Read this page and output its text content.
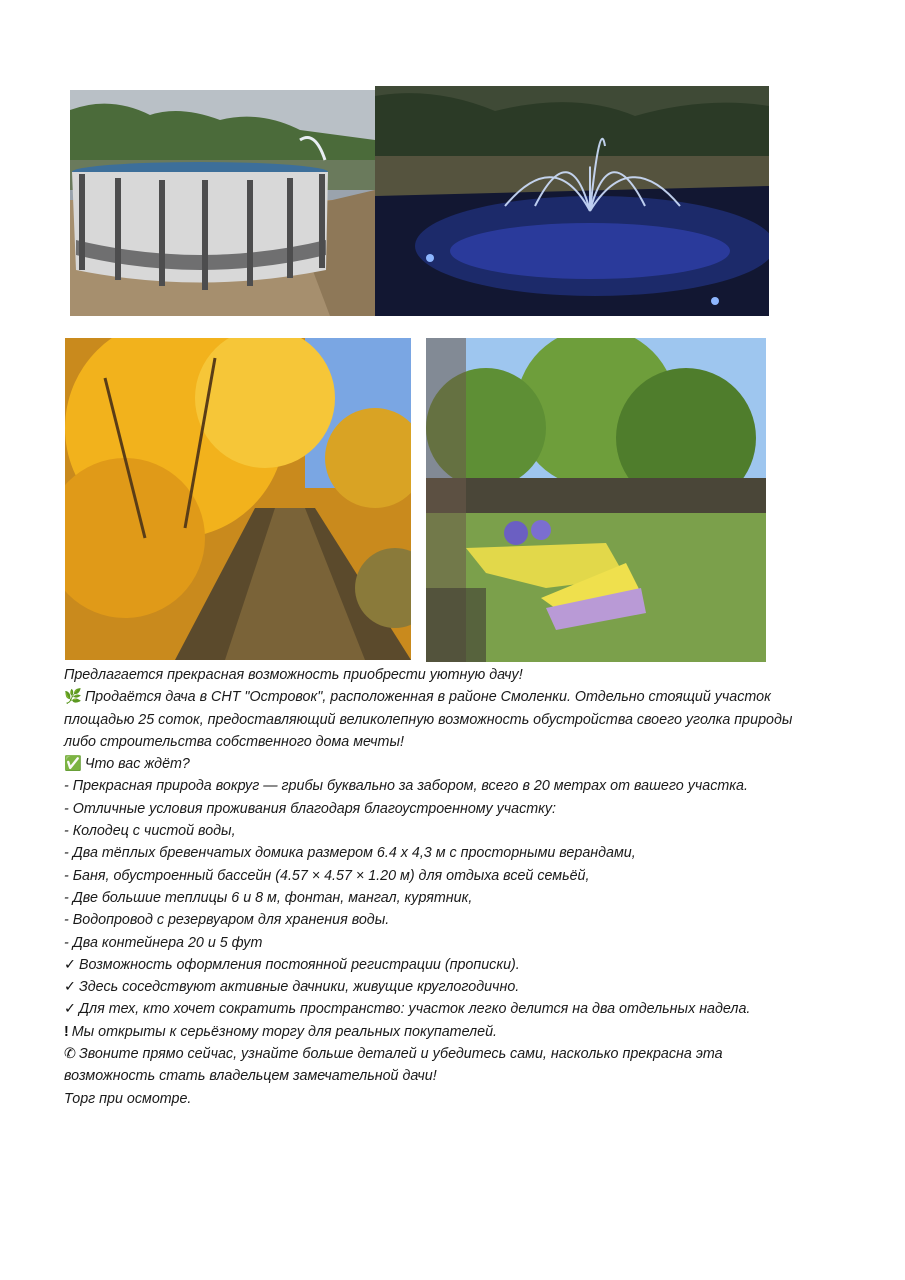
Предлагается прекрасная возможность приобрести уютную дачу!

🌿 Продаётся дача в СНТ "Островок", расположенная в районе Смоленки. Отдельно стоящий участок площадью 25 соток, предоставляющий великолепную возможность обустройства своего уголка природы либо строительства собственного дома мечты!

✅ Что вас ждёт?

- Прекрасная природа вокруг — грибы буквально за забором, всего в 20 метрах от вашего участка.

- Отличные условия проживания благодаря благоустроенному участку:

- Колодец с чистой воды,

- Два тёплых бревенчатых домика размером 6.4 х 4,3 м с просторными верандами,

- Баня, обустроенный бассейн (4.57 × 4.57 × 1.20 м) для отдыха всей семьёй,

- Две большие теплицы 6 и 8 м, фонтан, мангал, курятник,

- Водопровод с резервуаром для хранения воды.

- Два контейнера 20 и 5 фут

✓ Возможность оформления постоянной регистрации (прописки).

✓ Здесь соседствуют активные дачники, живущие круглогодично.

✓ Для тех, кто хочет сократить пространство: участок легко делится на два отдельных надела.

! Мы открыты к серьёзному торгу для реальных покупателей.

✆ Звоните прямо сейчас, узнайте больше деталей и убедитесь сами, насколько прекрасна эта возможность стать владельцем замечательной дачи!

Торг при осмотре.
